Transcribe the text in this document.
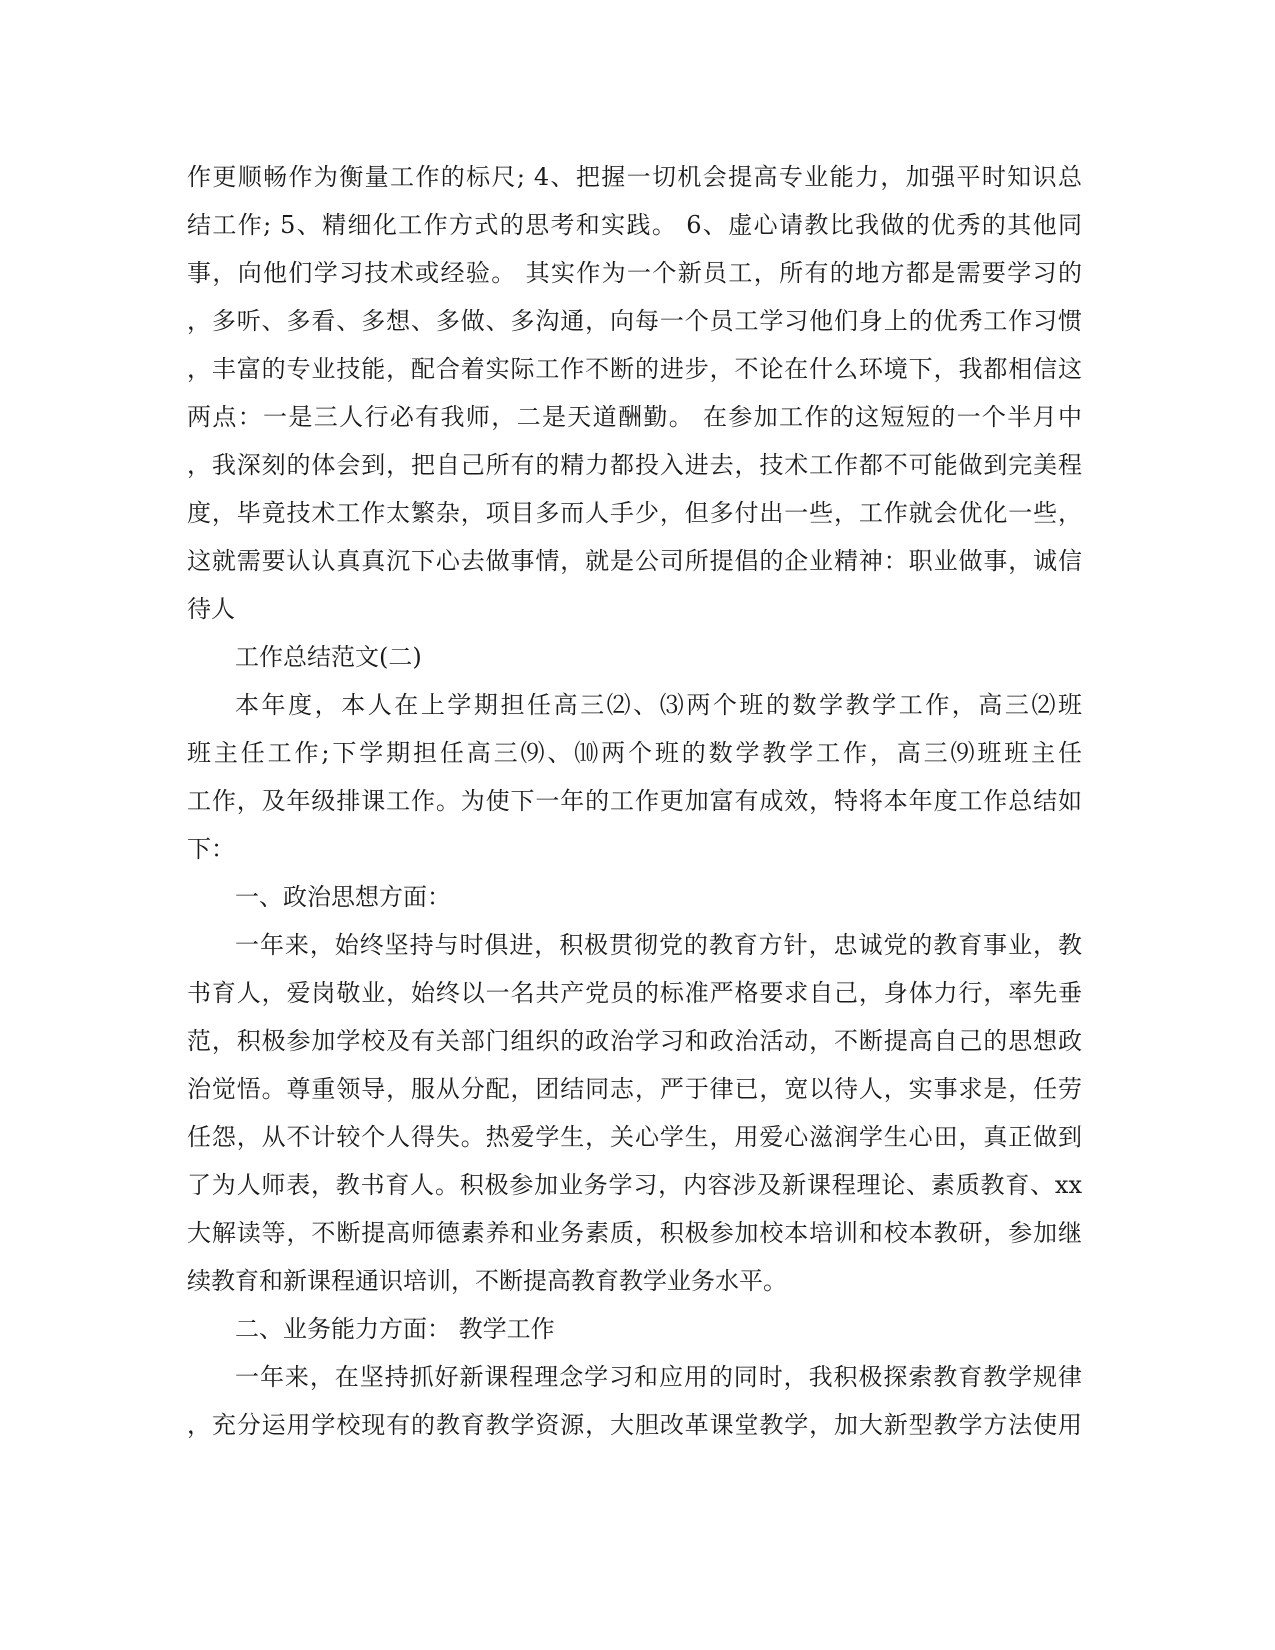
作更顺畅作为衡量工作的标尺; 4、把握一切机会提高专业能力，加强平时知识总
结工作; 5、精细化工作方式的思考和实践。 6、虚心请教比我做的优秀的其他同
事，向他们学习技术或经验。 其实作为一个新员工，所有的地方都是需要学习的
，多听、多看、多想、多做、多沟通，向每一个员工学习他们身上的优秀工作习惯
，丰富的专业技能，配合着实际工作不断的进步，不论在什么环境下，我都相信这
两点：一是三人行必有我师，二是天道酬勤。 在参加工作的这短短的一个半月中
，我深刻的体会到，把自己所有的精力都投入进去，技术工作都不可能做到完美程
度，毕竟技术工作太繁杂，项目多而人手少，但多付出一些，工作就会优化一些，
这就需要认认真真沉下心去做事情，就是公司所提倡的企业精神：职业做事，诚信
待人
工作总结范文(二)
本年度，本人在上学期担任高三⑵、⑶两个班的数学教学工作，高三⑵班
班主任工作;下学期担任高三⑼、⑽两个班的数学教学工作，高三⑼班班主任
工作，及年级排课工作。为使下一年的工作更加富有成效，特将本年度工作总结如
下：
一、政治思想方面：
一年来，始终坚持与时俱进，积极贯彻党的教育方针，忠诚党的教育事业，教
书育人，爱岗敬业，始终以一名共产党员的标准严格要求自己，身体力行，率先垂
范，积极参加学校及有关部门组织的政治学习和政治活动，不断提高自己的思想政
治觉悟。尊重领导，服从分配，团结同志，严于律已，宽以待人，实事求是，任劳
任怨，从不计较个人得失。热爱学生，关心学生，用爱心滋润学生心田，真正做到
了为人师表，教书育人。积极参加业务学习，内容涉及新课程理论、素质教育、xx
大解读等，不断提高师德素养和业务素质，积极参加校本培训和校本教研，参加继
续教育和新课程通识培训，不断提高教育教学业务水平。
二、业务能力方面： 教学工作
一年来，在坚持抓好新课程理念学习和应用的同时，我积极探索教育教学规律
，充分运用学校现有的教育教学资源，大胆改革课堂教学，加大新型教学方法使用
